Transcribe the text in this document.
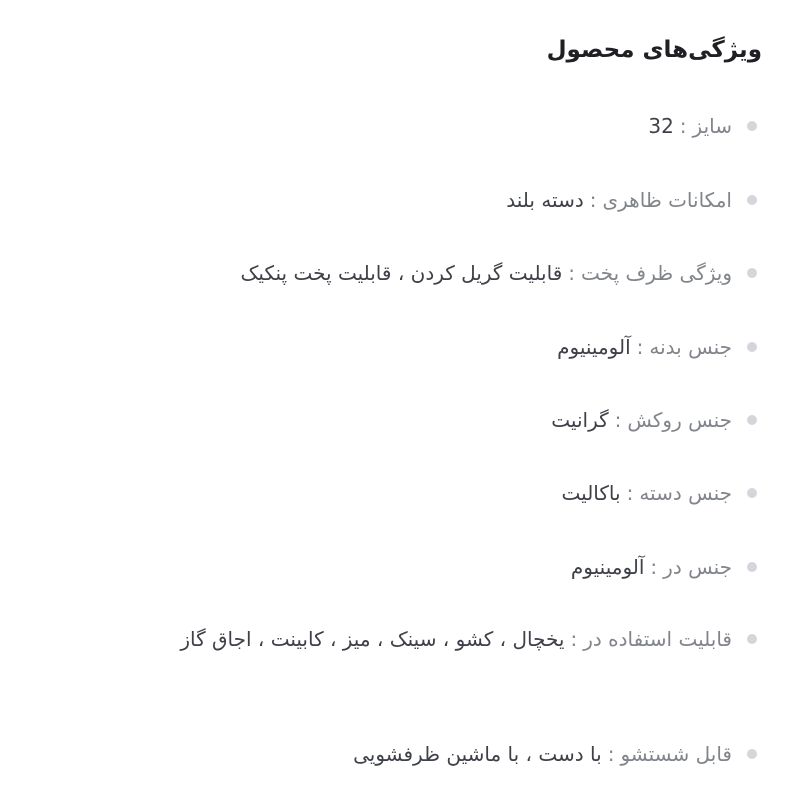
ویژگی‌های محصول
سایز:32
امکانات ظاهری:دسته بلند
ویژگی ظرف پخت:قابلیت گریل کردن ، قابلیت پخت پنکیک
جنس بدنه:آلومینیوم
جنس روکش:گرانیت
جنس دسته:باکالیت
جنس در:آلومینیوم
قابلیت استفاده در:یخچال ، کشو ، سینک ، میز ، کابینت ، اجاق گاز
قابل شستشو:با دست ، با ماشین ظرفشویی
